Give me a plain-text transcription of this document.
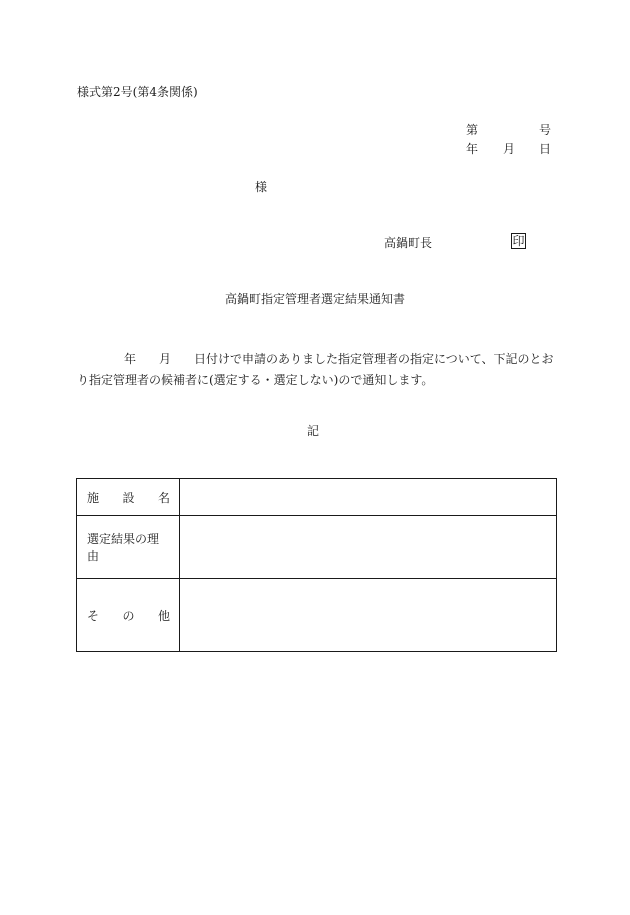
様式第2号(第4条関係)
第	号
年 月 日
様
高鍋町長	印
高鍋町指定管理者選定結果通知書
年 月 日付けで申請のありました指定管理者の指定について、下記のとお
り指定管理者の候補者に(選定する・選定しない)ので通知します。
記
施 設 名	

選定結果の理由	

そ の 他	
